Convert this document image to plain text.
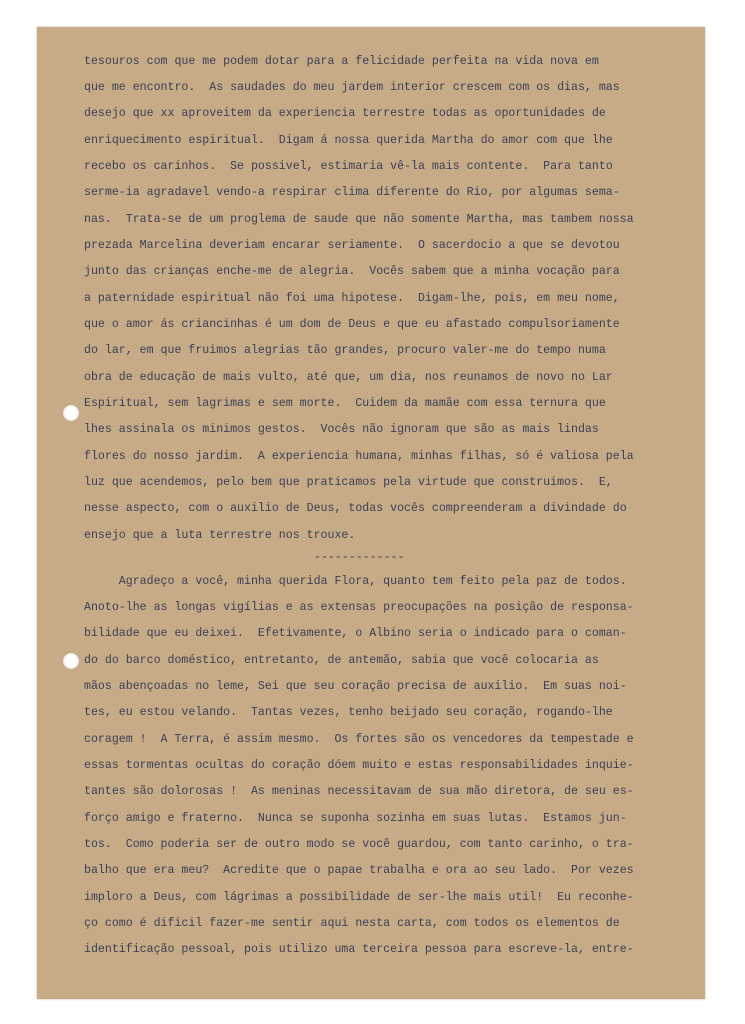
tesouros com que me podem dotar para a felicidade perfeita na vida nova em
que me encontro.  As saudades do meu jardem interior crescem com os dias, mas
desejo que xx aproveitem da experiencia terrestre todas as oportunidades de
enriquecimento espiritual.  Digam á nossa querida Martha do amor com que lhe
recebo os carinhos.  Se possivel, estimaria vê-la mais contente.  Para tanto
serme-ia agradavel vendo-a respirar clima diferente do Rio, por algumas sema-
nas.  Trata-se de um proglema de saude que não somente Martha, mas tambem nossa
prezada Marcelina deveriam encarar seriamente.  O sacerdocio a que se devotou
junto das crianças enche-me de alegria.  Vocês sabem que a minha vocação para
a paternidade espiritual não foi uma hipotese.  Digam-lhe, pois, em meu nome,
que o amor ás criancinhas é um dom de Deus e que eu afastado compulsoriamente
do lar, em que fruimos alegrias tão grandes, procuro valer-me do tempo numa
obra de educação de mais vulto, até que, um dia, nos reunamos de novo no Lar
Espiritual, sem lagrimas e sem morte.  Cuidem da mamãe com essa ternura que
lhes assinala os minimos gestos.  Vocês não ignoram que são as mais lindas
flores do nosso jardim.  A experiencia humana, minhas filhas, só é valiosa pela
luz que acendemos, pelo bem que praticamos pela virtude que construimos.  E,
nesse aspecto, com o auxilio de Deus, todas vocês compreenderam a divindade do
ensejo que a luta terrestre nos trouxe.
-------------
Agradeço a você, minha querida Flora, quanto tem feito pela paz de todos.
Anoto-lhe as longas vigílias e as extensas preocupações na posição de responsa-
bilidade que eu deixei.  Efetivamente, o Albino seria o indicado para o coman-
do do barco doméstico, entretanto, de antemão, sabia que você colocaria as
mãos abençoadas no leme, Sei que seu coração precisa de auxilio.  Em suas noi-
tes, eu estou velando.  Tantas vezes, tenho beijado seu coração, rogando-lhe
coragem !  A Terra, é assim mesmo.  Os fortes são os vencedores da tempestade e
essas tormentas ocultas do coração dóem muito e estas responsabilidades inquie-
tantes são dolorosas !  As meninas necessitavam de sua mão diretora, de seu es-
forço amigo e fraterno.  Nunca se suponha sozinha em suas lutas.  Estamos jun-
tos.  Como poderia ser de outro modo se você guardou, com tanto carinho, o tra-
balho que era meu?  Acredite que o papae trabalha e ora ao seu lado.  Por vezes
imploro a Deus, com lágrimas a possibilidade de ser-lhe mais util!  Eu reconhe-
ço como é dificil fazer-me sentir aqui nesta carta, com todos os elementos de
identificação pessoal, pois utilizo uma terceira pessoa para escreve-la, entre-
